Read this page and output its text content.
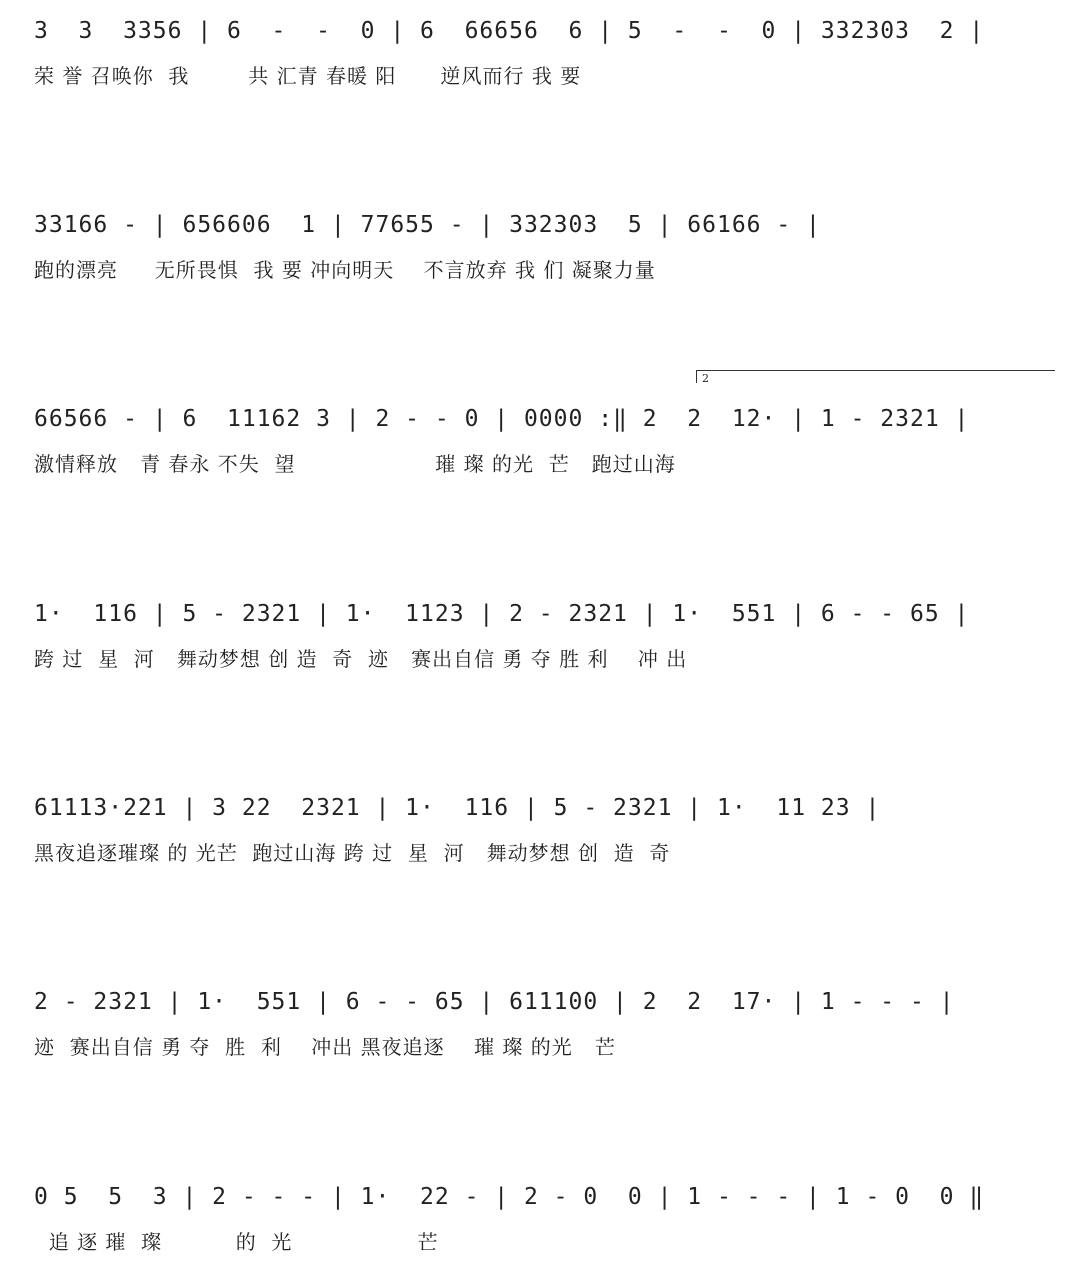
3  3  3356 | 6  -  -  0 | 6  66656  6 | 5  -  -  0 | 332303  2 |
荣 誉 召唤你  我        共 汇青 春暖 阳      逆风而行 我 要
33166 - | 656606  1 | 77655 - | 332303  5 | 66166 - |
跑的漂亮     无所畏惧  我 要 冲向明天    不言放弃 我 们 凝聚力量
66566 - | 6  11162 3 | 2 - - 0 | 0000 :‖ 2  2  12· | 1 - 2321 |
激情释放   青 春永 不失  望                   璀 璨 的光  芒   跑过山海
2
1·  116 | 5 - 2321 | 1·  1123 | 2 - 2321 | 1·  551 | 6 - - 65 |
跨 过  星  河   舞动梦想 创 造  奇  迹   赛出自信 勇 夺 胜 利    冲 出
61113·221 | 3 22  2321 | 1·  116 | 5 - 2321 | 1·  11 23 |
黑夜追逐璀璨 的 光芒  跑过山海 跨 过  星  河   舞动梦想 创  造  奇
2 - 2321 | 1·  551 | 6 - - 65 | 611100 | 2  2  17· | 1 - - - |
迹  赛出自信 勇 夺  胜  利    冲出 黑夜追逐    璀 璨 的光   芒
0 5  5  3 | 2 - - - | 1·  22 - | 2 - 0  0 | 1 - - - | 1 - 0  0 ‖
追 逐 璀  璨          的  光                 芒
